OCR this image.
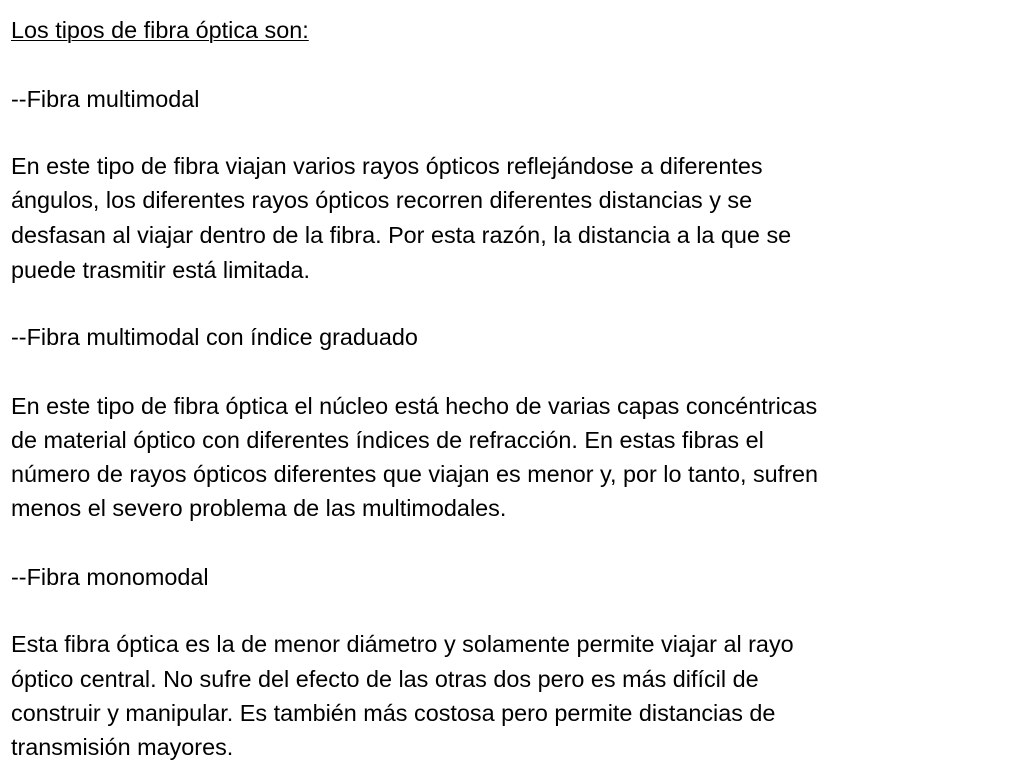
Los tipos de fibra óptica son:
--Fibra multimodal
En este tipo de fibra viajan varios rayos ópticos reflejándose a diferentes
ángulos, los diferentes rayos ópticos recorren diferentes distancias y se
desfasan al viajar dentro de la fibra. Por esta razón, la distancia a la que se
puede trasmitir está limitada.
--Fibra multimodal con índice graduado
En este tipo de fibra óptica el núcleo está hecho de varias capas concéntricas
de material óptico con diferentes índices de refracción. En estas fibras el
número de rayos ópticos diferentes que viajan es menor y, por lo tanto, sufren
menos el severo problema de las multimodales.
--Fibra monomodal
Esta fibra óptica es la de menor diámetro y solamente permite viajar al rayo
óptico central. No sufre del efecto de las otras dos pero es más difícil de
construir y manipular. Es también más costosa pero permite distancias de
transmisión mayores.
